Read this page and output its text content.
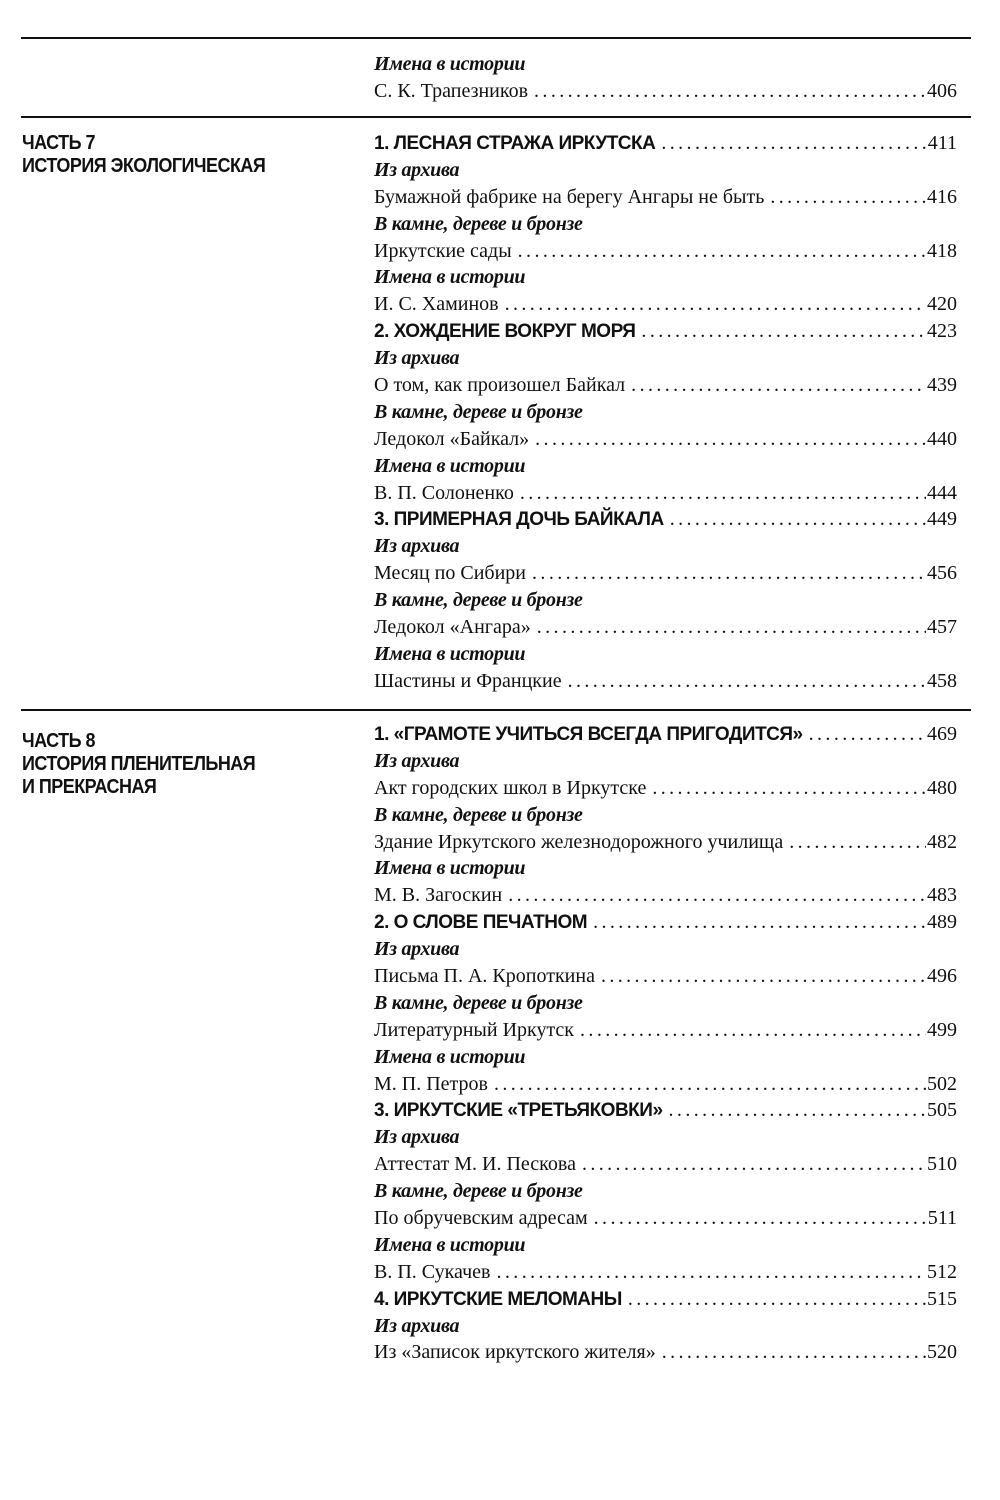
Имена в истории
С. К. Трапезников . . .	406
ЧАСТЬ 7
ИСТОРИЯ ЭКОЛОГИЧЕСКАЯ
1. ЛЕСНАЯ СТРАЖА ИРКУТСКА . . .	411
Из архива
Бумажной фабрике на берегу Ангары не быть . . .	416
В камне, дереве и бронзе
Иркутские сады . . .	418
Имена в истории
И. С. Хаминов . . .	420
2. ХОЖДЕНИЕ ВОКРУГ МОРЯ . . .	423
Из архива
О том, как произошел Байкал . . .	439
В камне, дереве и бронзе
Ледокол «Байкал» . . .	440
Имена в истории
В. П. Солоненко . . .	444
3. ПРИМЕРНАЯ ДОЧЬ БАЙКАЛА . . .	449
Из архива
Месяц по Сибири . . .	456
В камне, дереве и бронзе
Ледокол «Ангара» . . .	457
Имена в истории
Шастины и Францкие . . .	458
ЧАСТЬ 8
ИСТОРИЯ ПЛЕНИТЕЛЬНАЯ
И ПРЕКРАСНАЯ
1. «ГРАМОТЕ УЧИТЬСЯ ВСЕГДА ПРИГОДИТСЯ» . . .	469
Из архива
Акт городских школ в Иркутске . . .	480
В камне, дереве и бронзе
Здание Иркутского железнодорожного училища . . .	482
Имена в истории
М. В. Загоскин . . .	483
2. О СЛОВЕ ПЕЧАТНОМ . . .	489
Из архива
Письма П. А. Кропоткина . . .	496
В камне, дереве и бронзе
Литературный Иркутск . . .	499
Имена в истории
М. П. Петров . . .	502
3. ИРКУТСКИЕ «ТРЕТЬЯКОВКИ» . . .	505
Из архива
Аттестат М. И. Пескова . . .	510
В камне, дереве и бронзе
По обручевским адресам . . .	511
Имена в истории
В. П. Сукачев . . .	512
4. ИРКУТСКИЕ МЕЛОМАНЫ . . .	515
Из архива
Из «Записок иркутского жителя» . . .	520
